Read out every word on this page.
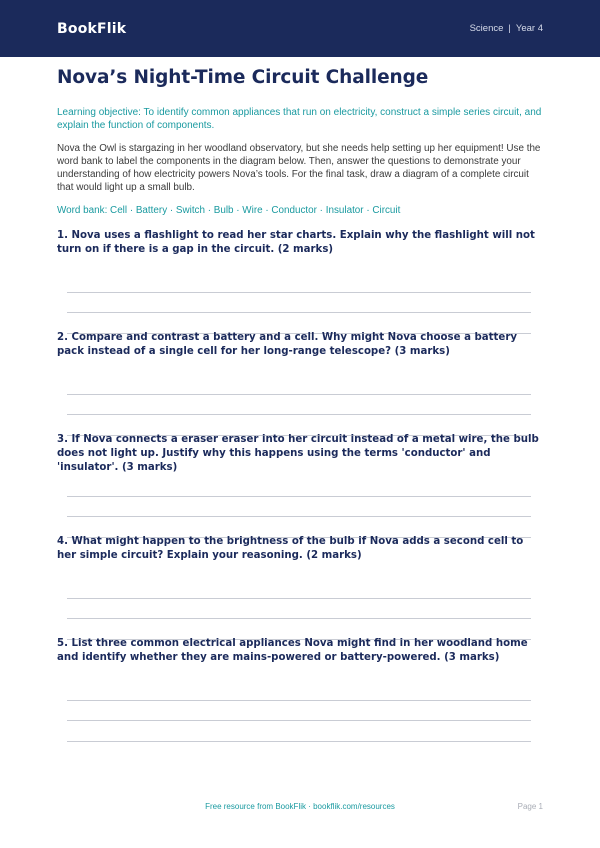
BookFlik	Science | Year 4
Nova’s Night-Time Circuit Challenge

Learning objective: To identify common appliances that run on electricity, construct a simple series circuit, and explain the function of components.

Nova the Owl is stargazing in her woodland observatory, but she needs help setting up her equipment! Use the word bank to label the components in the diagram below. Then, answer the questions to demonstrate your understanding of how electricity powers Nova’s tools. For the final task, draw a diagram of a complete circuit that would light up a small bulb.

Word bank: Cell · Battery · Switch · Bulb · Wire · Conductor · Insulator · Circuit

1. Nova uses a flashlight to read her star charts. Explain why the flashlight will not turn on if there is a gap in the circuit. (2 marks)

2. Compare and contrast a battery and a cell. Why might Nova choose a battery pack instead of a single cell for her long-range telescope? (3 marks)

3. If Nova connects a eraser eraser into her circuit instead of a metal wire, the bulb does not light up. Justify why this happens using the terms 'conductor' and 'insulator'. (3 marks)

4. What might happen to the brightness of the bulb if Nova adds a second cell to her simple circuit? Explain your reasoning. (2 marks)

5. List three common electrical appliances Nova might find in her woodland home and identify whether they are mains-powered or battery-powered. (3 marks)

Free resource from BookFlik · bookflik.com/resources	Page 1
